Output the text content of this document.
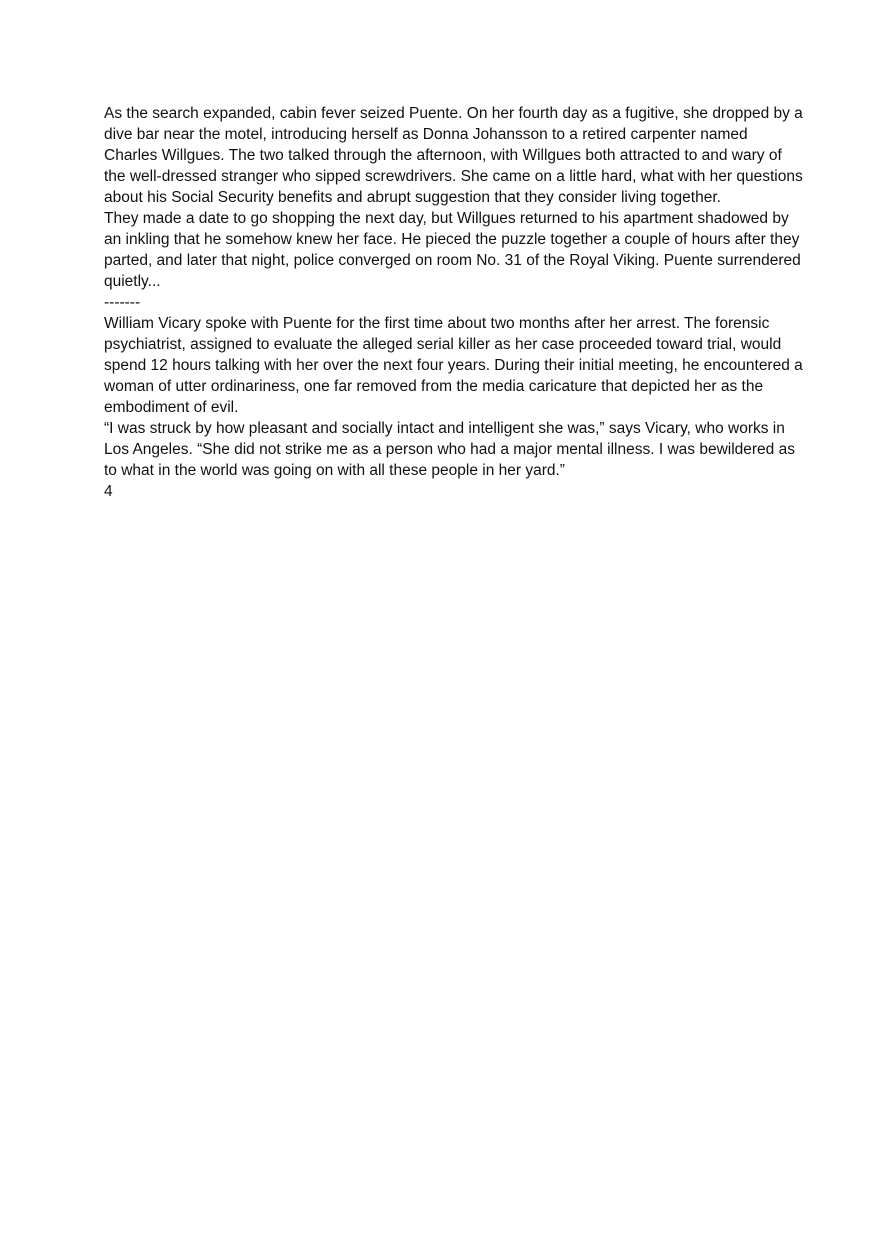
As the search expanded, cabin fever seized Puente. On her fourth day as a fugitive, she dropped by a dive bar near the motel, introducing herself as Donna Johansson to a retired carpenter named Charles Willgues. The two talked through the afternoon, with Willgues both attracted to and wary of the well-dressed stranger who sipped screwdrivers. She came on a little hard, what with her questions about his Social Security benefits and abrupt suggestion that they consider living together.

They made a date to go shopping the next day, but Willgues returned to his apartment shadowed by an inkling that he somehow knew her face. He pieced the puzzle together a couple of hours after they parted, and later that night, police converged on room No. 31 of the Royal Viking. Puente surrendered quietly...

-------

William Vicary spoke with Puente for the first time about two months after her arrest. The forensic psychiatrist, assigned to evaluate the alleged serial killer as her case proceeded toward trial, would spend 12 hours talking with her over the next four years. During their initial meeting, he encountered a woman of utter ordinariness, one far removed from the media caricature that depicted her as the embodiment of evil.

“I was struck by how pleasant and socially intact and intelligent she was,” says Vicary, who works in Los Angeles. “She did not strike me as a person who had a major mental illness. I was bewildered as to what in the world was going on with all these people in her yard.”

4
